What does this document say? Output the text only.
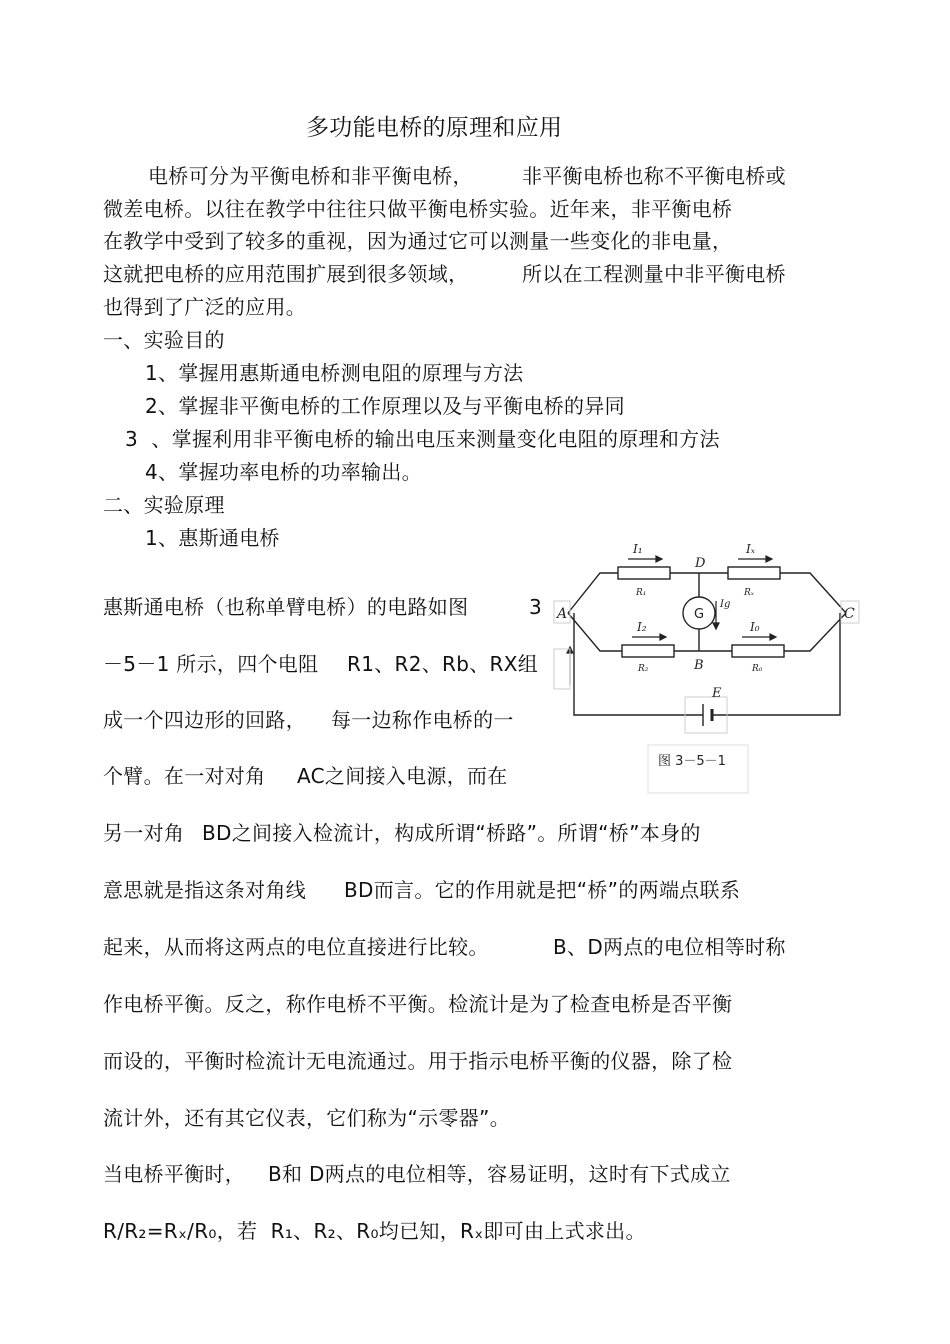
多功能电桥的原理和应用
电桥可分为平衡电桥和非平衡电桥， 非平衡电桥也称不平衡电桥或
微差电桥。以往在教学中往往只做平衡电桥实验。近年来，非平衡电桥
在教学中受到了较多的重视，因为通过它可以测量一些变化的非电量，
这就把电桥的应用范围扩展到很多领域，	所以在工程测量中非平衡电桥
也得到了广泛的应用。
一、实验目的
1、掌握用惠斯通电桥测电阻的原理与方法
2、掌握非平衡电桥的工作原理以及与平衡电桥的异同
3  、掌握利用非平衡电桥的输出电压来测量变化电阻的原理和方法
4、掌握功率电桥的功率输出。
二、实验原理
1、惠斯通电桥
惠斯通电桥（也称单臂电桥）的电路如图	3
－5－1 所示，四个电阻 R1、R2、Rb、RX组
成一个四边形的回路， 每一边称作电桥的一
个臂。在一对对角 AC之间接入电源，而在
另一对角 BD之间接入检流计，构成所谓“桥路”。所谓“桥”本身的
意思就是指这条对角线 BD而言。它的作用就是把“桥”的两端点联系
起来，从而将这两点的电位直接进行比较。	B、D两点的电位相等时称
作电桥平衡。反之，称作电桥不平衡。检流计是为了检查电桥是否平衡
而设的，平衡时检流计无电流通过。用于指示电桥平衡的仪器，除了检
流计外，还有其它仪表，它们称为“示零器”。
当电桥平衡时， B和 D两点的电位相等，容易证明，这时有下式成立
R/R₂=Rₓ/R₀，若  R₁、R₂、R₀均已知， Rₓ即可由上式求出。
G
A	C
D
B
I₁	Iₓ
I₂	I₀
Ig
R₁	Rₓ
R₂	R₀
E
图 3－5－1
